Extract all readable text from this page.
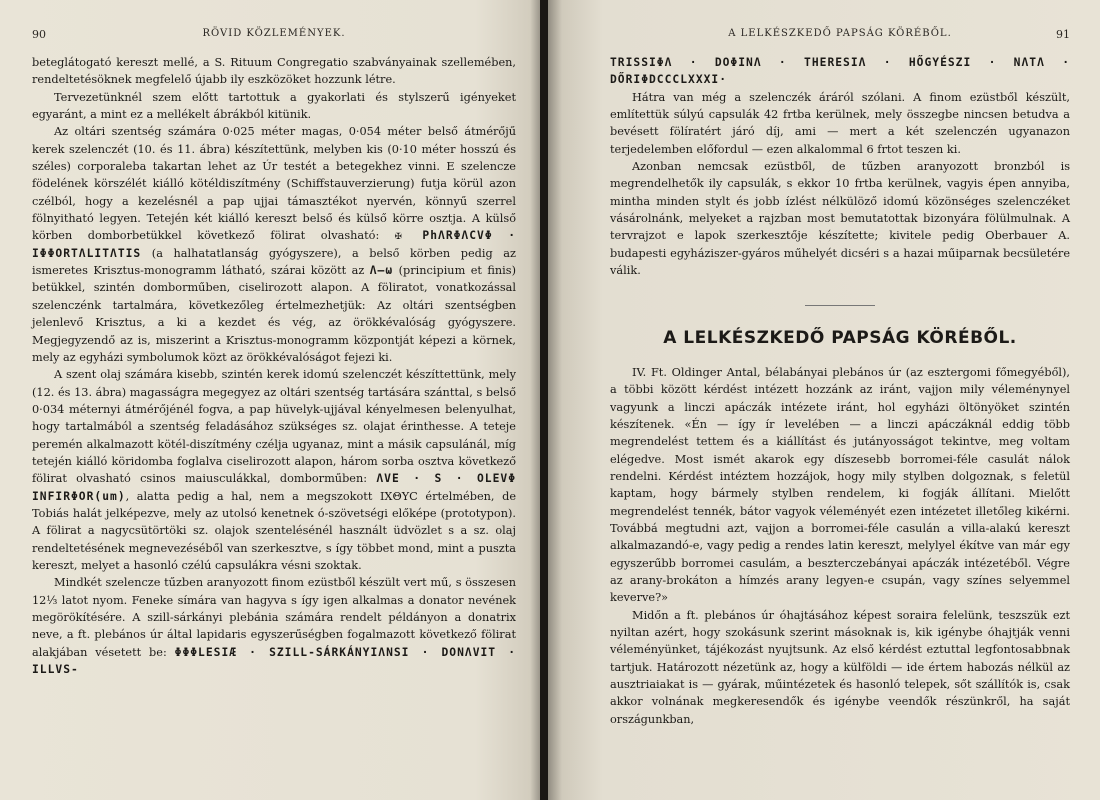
90	RÖVID KÖZLEMÉNYEK.

beteglátogató kereszt mellé, a S. Rituum Congregatio szabványainak szellemében, rendeltetésöknek megfelelő újabb ily eszközöket hozzunk létre.

Tervezetünknél szem előtt tartottuk a gyakorlati és stylszerű igényeket egyaránt, a mint ez a mellékelt ábrákból kitünik.

Az oltári szentség számára 0·025 méter magas, 0·054 méter belső átmérőjű kerek szelenczét (10. és 11. ábra) készítettünk, melyben kis (0·10 méter hosszú és széles) corporaleba takartan lehet az Úr testét a betegekhez vinni. E szelencze födelének körszélét kiálló kötéldiszítmény (Schiffstauverzierung) futja körül azon czélból, hogy a kezelésnél a pap ujjai támasztékot nyervén, könnyű szerrel fölnyitható legyen. Tetején két kiálló kereszt belső és külső körre osztja. A külső körben domborbetükkel következő fölirat olvasható: ✠ PhΛRΦΛCVΦ · IΦΦORTΛLITΛTIS (a halhatatlanság gyógyszere), a belső körben pedig az ismeretes Krisztus-monogramm látható, szárai között az Λ—ω (principium et finis) betükkel, szintén domborműben, ciselirozott alapon. A föliratot, vonatkozással szelenczénk tartalmára, következőleg értelmezhetjük: Az oltári szentségben jelenlevő Krisztus, a ki a kezdet és vég, az örökkévalóság gyógyszere. Megjegyzendő az is, miszerint a Krisztus-monogramm központját képezi a körnek, mely az egyházi symbolumok közt az örökkévalóságot fejezi ki.

A szent olaj számára kisebb, szintén kerek idomú szelenczét készíttettünk, mely (12. és 13. ábra) magasságra megegyez az oltári szentség tartására szánttal, s belső 0·034 méternyi átmérőjénél fogva, a pap hüvelyk-ujjával kényelmesen belenyulhat, hogy tartalmából a szentség feladásához szükséges sz. olajat érinthesse. A teteje peremén alkalmazott kötél-diszítmény czélja ugyanaz, mint a másik capsulánál, míg tetején kiálló köridomba foglalva ciselirozott alapon, három sorba osztva következő fölirat olvasható csinos maiusculákkal, domborműben: ΛVE · S · OLEVΦ IΝFIRΦOR(um), alatta pedig a hal, nem a megszokott ΙΧΘΥC értelmében, de Tobiás halát jelképezve, mely az utolsó kenetnek ó-szövetségi előképe (prototypon). A fölirat a nagycsütörtöki sz. olajok szentelésénél használt üdvözlet s a sz. olaj rendeltetésének megnevezéséből van szerkesztve, s így többet mond, mint a puszta kereszt, melyet a hasonló czélú capsulákra vésni szoktak.

Mindkét szelencze tűzben aranyozott finom ezüstből készült vert mű, s összesen 12⅓ latot nyom. Feneke símára van hagyva s így igen alkalmas a donator nevének megörökítésére. A szill-sárkányi plebánia számára rendelt példányon a donatrix neve, a ft. plebános úr által lapidaris egyszerűségben fogalmazott következő fölirat alakjában vésetett be: ΦΦΦLESΙÆ · SZILL-SÁRKÁNYIΛNSI · DONΛVIT · ILLVS-

A LELKÉSZKEDŐ PAPSÁG KÖRÉBŐL.	91

TRISSIΦΛ · DOΦIΝΛ · THERESIΛ · HŐGYÉSZI · ΝΛTΛ · DŐRIΦDCCCLXXXI·

Hátra van még a szelenczék áráról szólani. A finom ezüstből készült, említettük súlyú capsulák 42 frtba kerülnek, mely összegbe nincsen betudva a bevésett fölíratért járó díj, ami — mert a két szelenczén ugyanazon terjedelemben előfordul — ezen alkalommal 6 frtot teszen ki.

Azonban nemcsak ezüstből, de tűzben aranyozott bronzból is megrendelhetők ily capsulák, s ekkor 10 frtba kerülnek, vagyis épen annyiba, mintha minden stylt és jobb ízlést nélkülöző idomú közönséges szelenczéket vásárolnánk, melyeket a rajzban most bemutatottak bizonyára fölülmulnak. A tervrajzot e lapok szerkesztője készítette; kivitele pedig Oberbauer A. budapesti egyháziszer-gyáros műhelyét dicséri s a hazai műiparnak becsületére válik.

A LELKÉSZKEDŐ PAPSÁG KÖRÉBŐL.

IV. Ft. Oldinger Antal, bélabányai plebános úr (az esztergomi főmegyéből), a többi között kérdést intézett hozzánk az iránt, vajjon mily véleménynyel vagyunk a linczi apáczák intézete iránt, hol egyházi öltönyöket szintén készítenek. «Én — így ír levelében — a linczi apáczáknál eddig több megrendelést tettem és a kiállítást és jutányosságot tekintve, meg voltam elégedve. Most ismét akarok egy díszesebb borromei-féle casulát nálok rendelni. Kérdést intéztem hozzájok, hogy mily stylben dolgoznak, s feletül kaptam, hogy bármely stylben rendelem, ki fogják állítani. Mielőtt megrendelést tennék, bátor vagyok véleményét ezen intézetet illetőleg kikérni. Továbbá megtudni azt, vajjon a borromei-féle casulán a villa-alakú kereszt alkalmazandó-e, vagy pedig a rendes latin kereszt, melylyel ékítve van már egy egyszerűbb borromei casulám, a beszterczebányai apáczák intézetéből. Végre az arany-brokáton a hímzés arany legyen-e csupán, vagy színes selyemmel keverve?»

Midőn a ft. plebános úr óhajtásához képest soraira felelünk, teszszük ezt nyiltan azért, hogy szokásunk szerint másoknak is, kik igénybe óhajtják venni véleményünket, tájékozást nyujtsunk. Az első kérdést eztuttal legfontosabbnak tartjuk. Határozott nézetünk az, hogy a külföldi — ide értem habozás nélkül az ausztriaiakat is — gyárak, műintézetek és hasonló telepek, sőt szállítók is, csak akkor volnának megkeresendők és igénybe veendők részünkről, ha saját országunkban,
